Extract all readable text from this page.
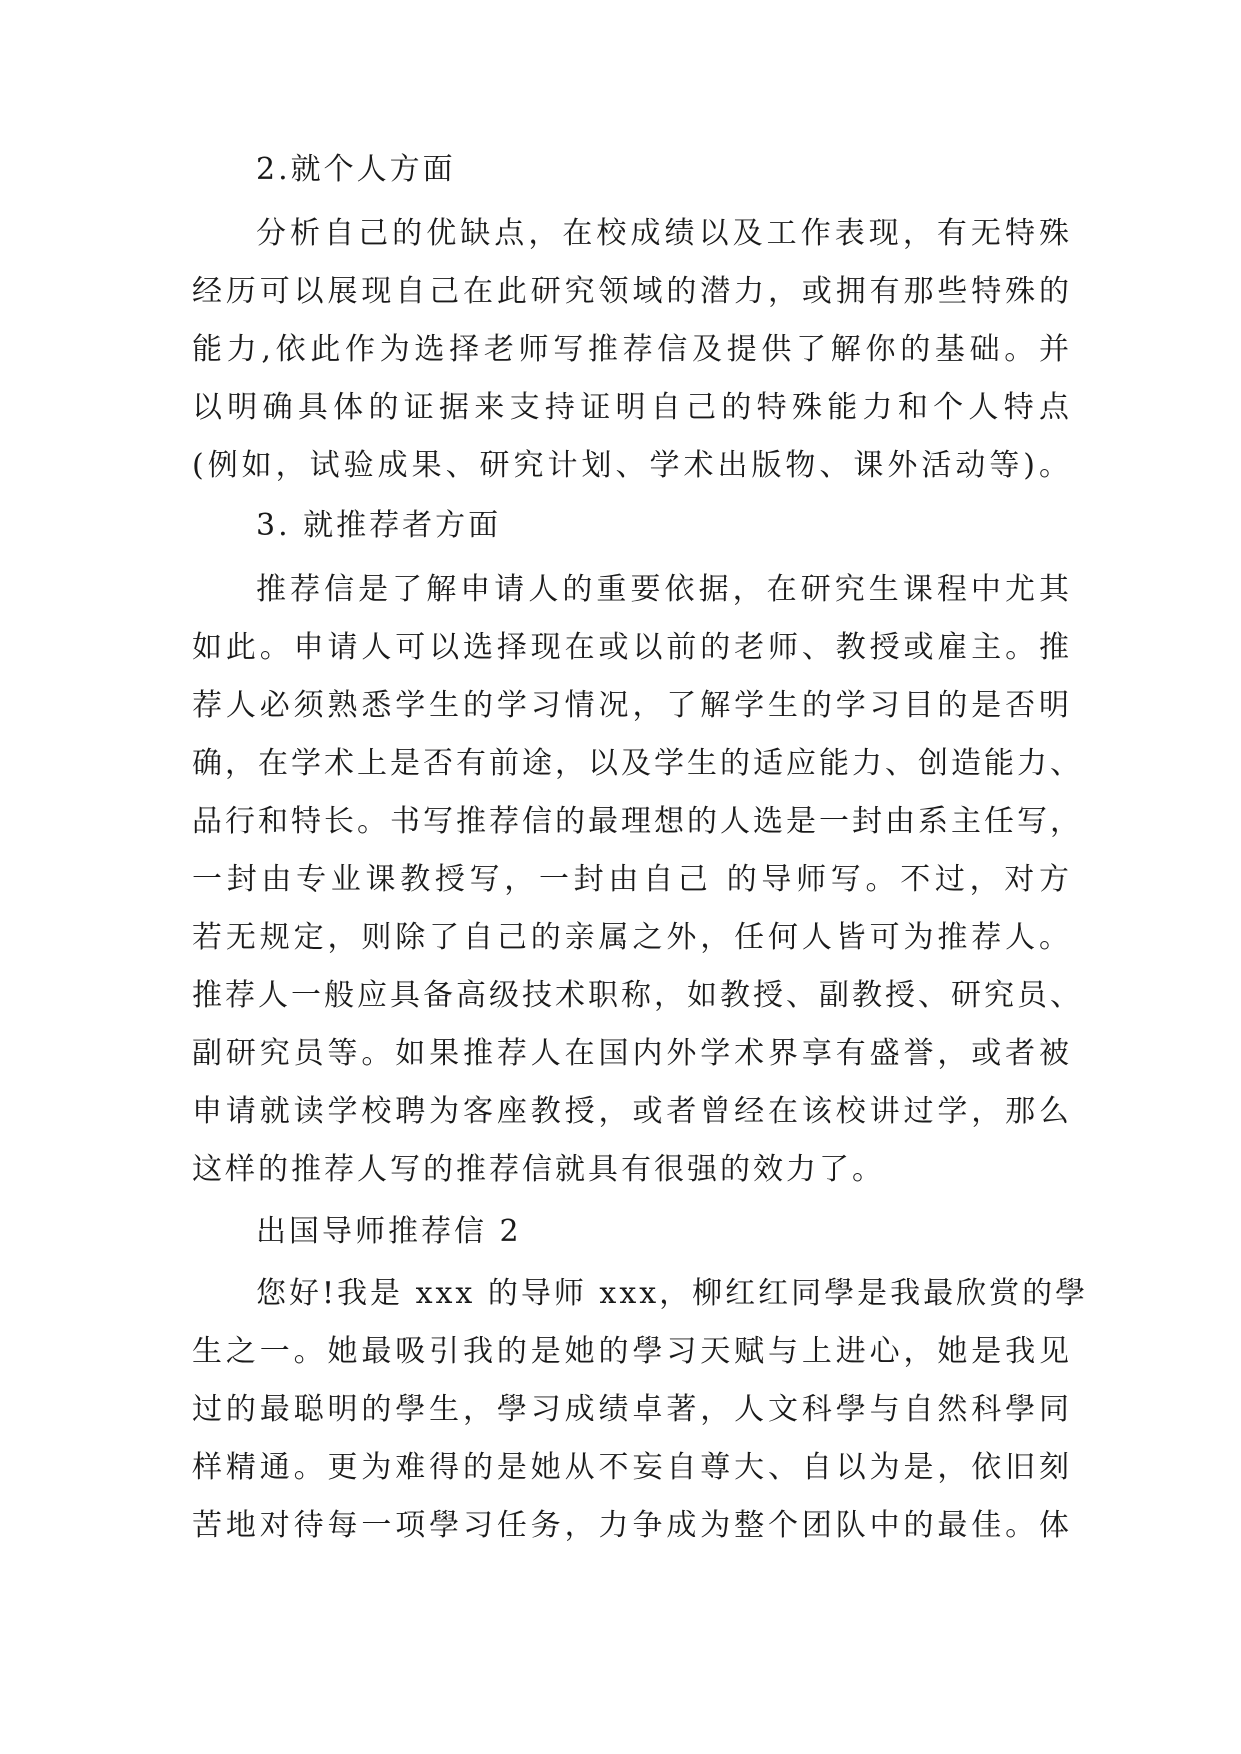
2.就个人方面
分析自己的优缺点，在校成绩以及工作表现，有无特殊
经历可以展现自己在此研究领域的潜力，或拥有那些特殊的
能力,依此作为选择老师写推荐信及提供了解你的基础。并
以明确具体的证据来支持证明自己的特殊能力和个人特点
(例如，试验成果、研究计划、学术出版物、课外活动等)。
3. 就推荐者方面
推荐信是了解申请人的重要依据，在研究生课程中尤其
如此。申请人可以选择现在或以前的老师、教授或雇主。推
荐人必须熟悉学生的学习情况，了解学生的学习目的是否明
确，在学术上是否有前途，以及学生的适应能力、创造能力、
品行和特长。书写推荐信的最理想的人选是一封由系主任写，
一封由专业课教授写，一封由自己 的导师写。不过，对方
若无规定，则除了自己的亲属之外，任何人皆可为推荐人。
推荐人一般应具备高级技术职称，如教授、副教授、研究员、
副研究员等。如果推荐人在国内外学术界享有盛誉，或者被
申请就读学校聘为客座教授，或者曾经在该校讲过学，那么
这样的推荐人写的推荐信就具有很强的效力了。
出国导师推荐信 2
您好!我是 xxx 的导师 xxx，柳红红同學是我最欣赏的學
生之一。她最吸引我的是她的學习天赋与上进心，她是我见
过的最聪明的學生，學习成绩卓著，人文科學与自然科學同
样精通。更为难得的是她从不妄自尊大、自以为是，依旧刻
苦地对待每一项學习任务，力争成为整个团队中的最佳。体
